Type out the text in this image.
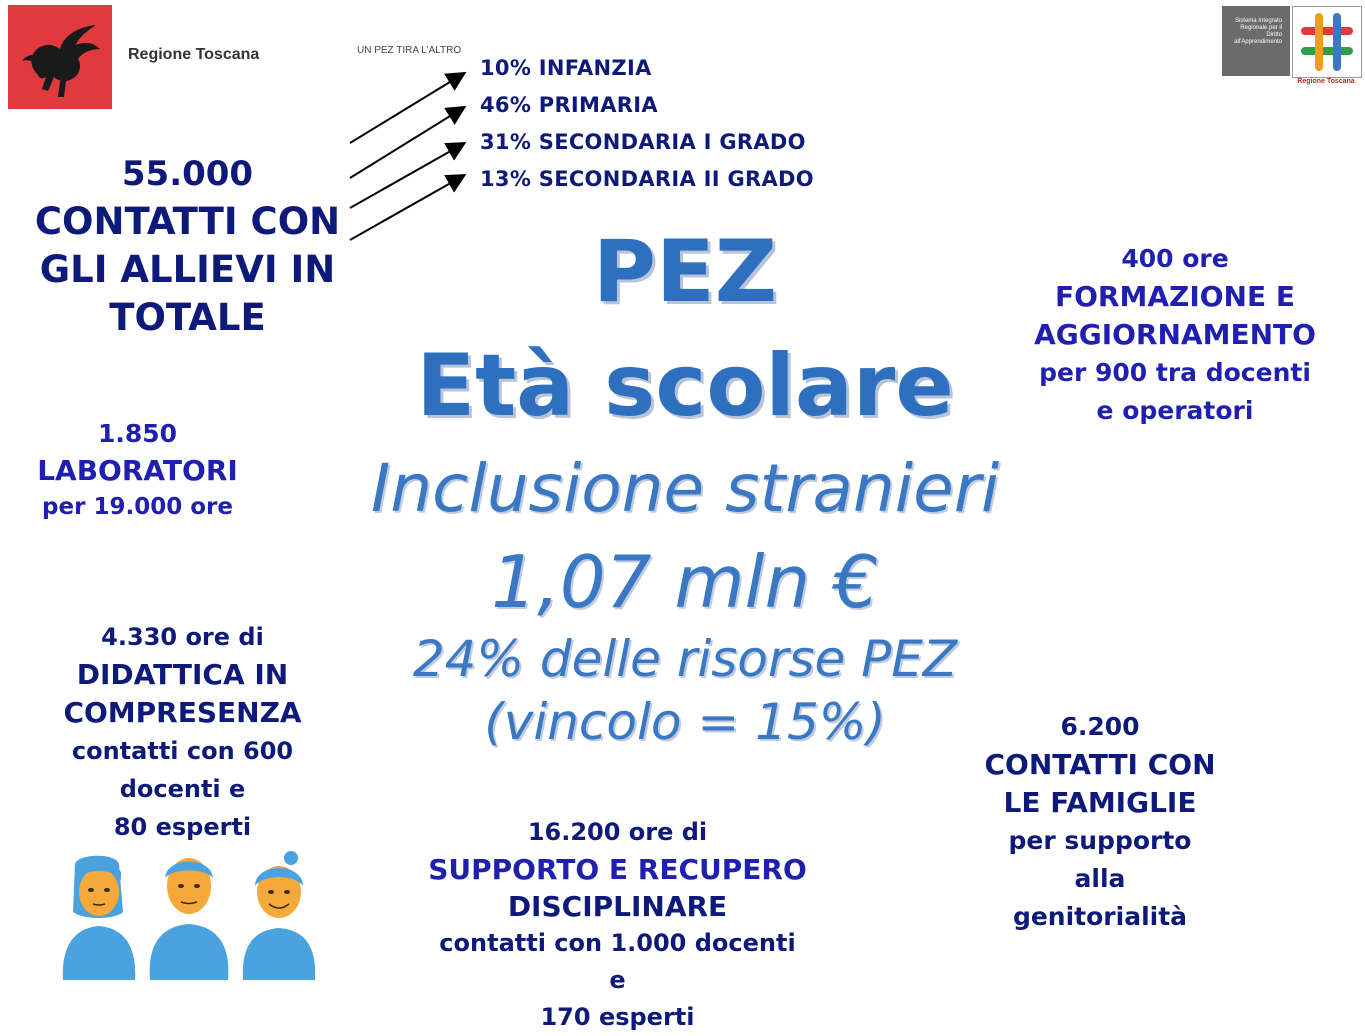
Regione Toscana
Sistema Integrato Regionale per il Diritto all'Apprendimento
Regione Toscana
UN PEZ TIRA L’ALTRO
10% INFANZIA
46% PRIMARIA
31% SECONDARIA I GRADO
13% SECONDARIA II GRADO
PEZ
Età scolare
Inclusione stranieri
1,07 mln €
24% delle risorse PEZ
(vincolo = 15%)
55.000
CONTATTI CON
GLI ALLIEVI IN
TOTALE
1.850
LABORATORI
per 19.000 ore
400 ore
FORMAZIONE E
AGGIORNAMENTO
per 900 tra docenti
e operatori
4.330 ore di
DIDATTICA IN
COMPRESENZA
contatti con 600
docenti e
80 esperti	16.200 ore di
SUPPORTO E RECUPERO
DISCIPLINARE
contatti con 1.000 docenti
e
170 esperti
6.200
CONTATTI CON
LE FAMIGLIE
per supporto
alla
genitorialità
